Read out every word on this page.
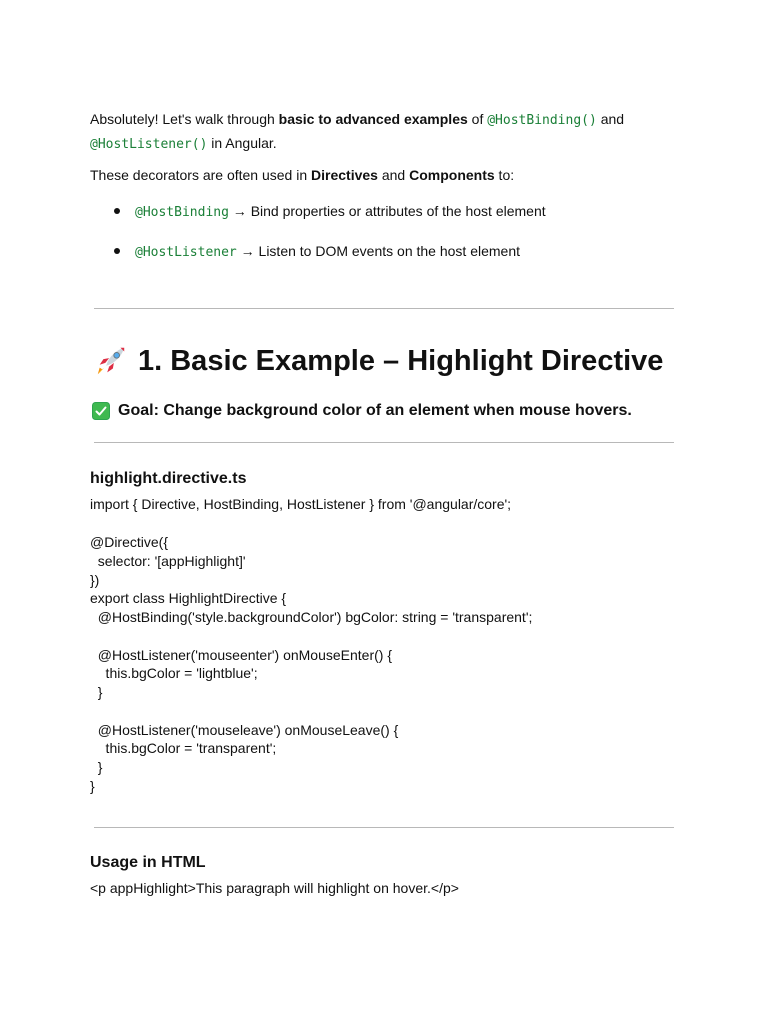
Absolutely! Let's walk through basic to advanced examples of @HostBinding() and
@HostListener() in Angular.

These decorators are often used in Directives and Components to:

@HostBinding → Bind properties or attributes of the host element
@HostListener → Listen to DOM events on the host element
1. Basic Example – Highlight Directive
Goal: Change background color of an element when mouse hovers.
highlight.directive.ts
import { Directive, HostBinding, HostListener } from '@angular/core';
@Directive({
selector: '[appHighlight]'
})
export class HighlightDirective {
@HostBinding('style.backgroundColor') bgColor: string = 'transparent';

@HostListener('mouseenter') onMouseEnter() {
this.bgColor = 'lightblue';
}

@HostListener('mouseleave') onMouseLeave() {
this.bgColor = 'transparent';
}
}
Usage in HTML
<p appHighlight>This paragraph will highlight on hover.</p>
